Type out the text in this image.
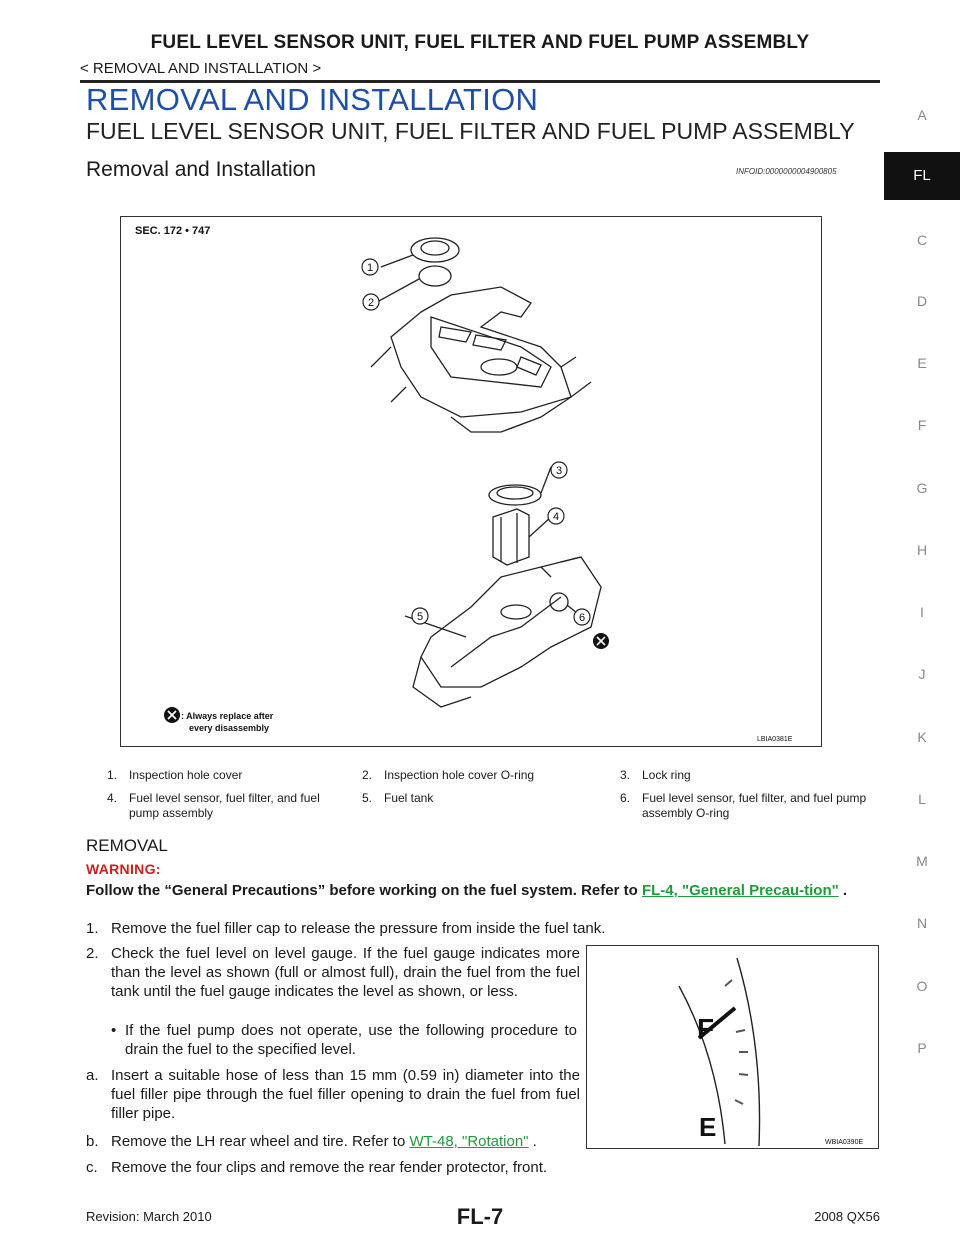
FUEL LEVEL SENSOR UNIT, FUEL FILTER AND FUEL PUMP ASSEMBLY
< REMOVAL AND INSTALLATION >
REMOVAL AND INSTALLATION
FUEL LEVEL SENSOR UNIT, FUEL FILTER AND FUEL PUMP ASSEMBLY
Removal and Installation	INFOID:0000000004900805
A
FL
C
D
E
F
G
H
I
J
K
L
M
N
O
P
1
2
3
4
5	6
SEC. 172 • 747
: Always replace after
every disassembly
LBIA0381E
1. Inspection hole cover	2. Inspection hole cover O-ring	3. Lock ring
4. Fuel level sensor, fuel filter, and fuel pump assembly
5. Fuel tank	6. Fuel level sensor, fuel filter, and fuel pump assembly O-ring
REMOVAL
WARNING:
Follow the “General Precautions” before working on the fuel system. Refer to FL-4, "General Precau-tion" .
1. Remove the fuel filler cap to release the pressure from inside the fuel tank.
2. Check the fuel level on level gauge. If the fuel gauge indicates more than the level as shown (full or almost full), drain the fuel from the fuel tank until the fuel gauge indicates the level as shown, or less.
• If the fuel pump does not operate, use the following procedure to drain the fuel to the specified level.
a. Insert a suitable hose of less than 15 mm (0.59 in) diameter into the fuel filler pipe through the fuel filler opening to drain the fuel from fuel filler pipe.
b. Remove the LH rear wheel and tire. Refer to WT-48, "Rotation" .
c. Remove the four clips and remove the rear fender protector, front.
F
E
WBIA0390E
Revision: March 2010	FL-7	2008 QX56
